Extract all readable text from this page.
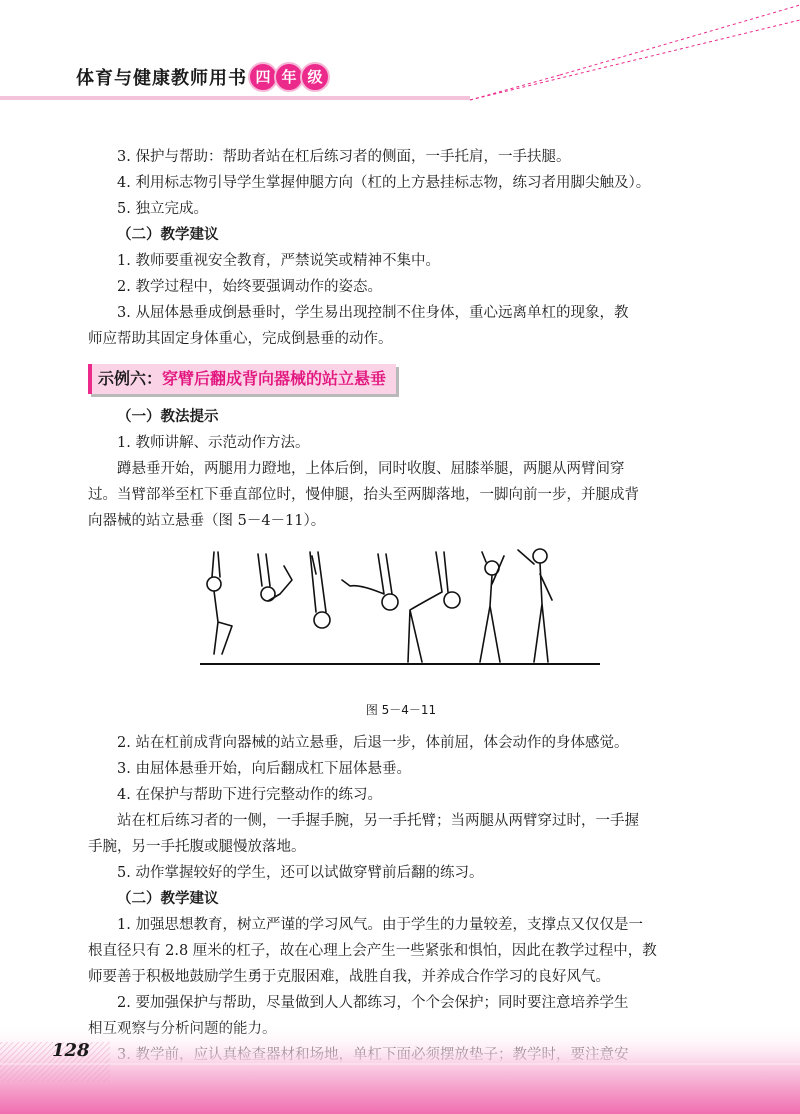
体育与健康教师用书 四 年 级

3. 保护与帮助：帮助者站在杠后练习者的侧面，一手托肩，一手扶腿。

4. 利用标志物引导学生掌握伸腿方向（杠的上方悬挂标志物，练习者用脚尖触及）。

5. 独立完成。

（二）教学建议

1. 教师要重视安全教育，严禁说笑或精神不集中。

2. 教学过程中，始终要强调动作的姿态。

3. 从屈体悬垂成倒悬垂时，学生易出现控制不住身体，重心远离单杠的现象，教

师应帮助其固定身体重心，完成倒悬垂的动作。

示例六：穿臂后翻成背向器械的站立悬垂

（一）教法提示

1. 教师讲解、示范动作方法。

蹲悬垂开始，两腿用力蹬地，上体后倒，同时收腹、屈膝举腿，两腿从两臂间穿

过。当臂部举至杠下垂直部位时，慢伸腿，抬头至两脚落地，一脚向前一步，并腿成背

向器械的站立悬垂（图 5－4－11）。

图 5－4－11

2. 站在杠前成背向器械的站立悬垂，后退一步，体前屈，体会动作的身体感觉。

3. 由屈体悬垂开始，向后翻成杠下屈体悬垂。

4. 在保护与帮助下进行完整动作的练习。

站在杠后练习者的一侧，一手握手腕，另一手托臂；当两腿从两臂穿过时，一手握

手腕，另一手托腹或腿慢放落地。

5. 动作掌握较好的学生，还可以试做穿臂前后翻的练习。

（二）教学建议

1. 加强思想教育，树立严谨的学习风气。由于学生的力量较差，支撑点又仅仅是一

根直径只有 2.8 厘米的杠子，故在心理上会产生一些紧张和惧怕，因此在教学过程中，教

师要善于积极地鼓励学生勇于克服困难，战胜自我，并养成合作学习的良好风气。

2. 要加强保护与帮助，尽量做到人人都练习，个个会保护；同时要注意培养学生

128
